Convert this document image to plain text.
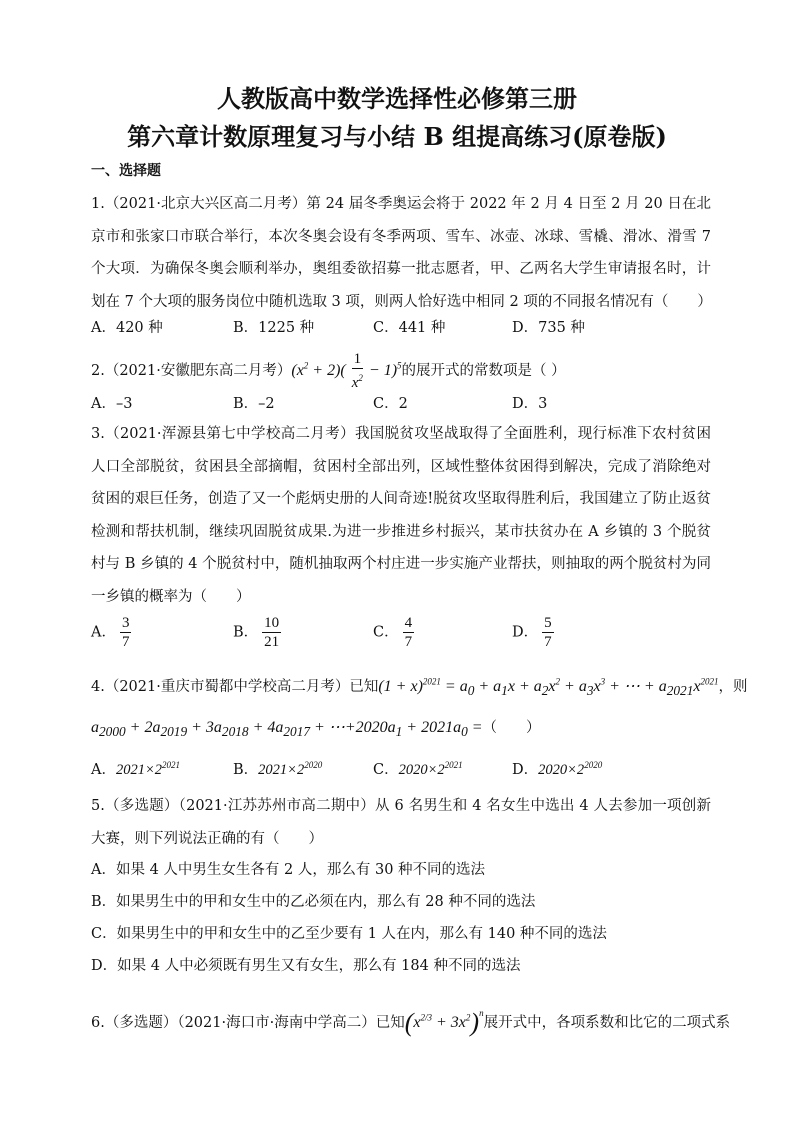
人教版高中数学选择性必修第三册
第六章计数原理复习与小结 B 组提高练习(原卷版)
一、选择题
1.（2021·北京大兴区高二月考）第 24 届冬季奥运会将于 2022 年 2 月 4 日至 2 月 20 日在北京市和张家口市联合举行，本次冬奥会设有冬季两项、雪车、冰壶、冰球、雪橇、滑冰、滑雪 7 个大项．为确保冬奥会顺利举办，奥组委欲招募一批志愿者，甲、乙两名大学生审请报名时，计划在 7 个大项的服务岗位中随机选取 3 项，则两人恰好选中相同 2 项的不同报名情况有（　　）
A．420 种	B．1225 种	C．441 种	D．735 种
2.（2021·安徽肥东高二月考）$(x^2 + 2)( \frac{1}{x^2} - 1)^5$的展开式的常数项是（ ）
A．–3	B．–2	C．2	D．3
3.（2021·浑源县第七中学校高二月考）我国脱贫攻坚战取得了全面胜利，现行标准下农村贫困人口全部脱贫，贫困县全部摘帽，贫困村全部出列，区域性整体贫困得到解决，完成了消除绝对贫困的艰巨任务，创造了又一个彪炳史册的人间奇迹!脱贫攻坚取得胜利后，我国建立了防止返贫检测和帮扶机制，继续巩固脱贫成果.为进一步推进乡村振兴，某市扶贫办在 A 乡镇的 3 个脱贫村与 B 乡镇的 4 个脱贫村中，随机抽取两个村庄进一步实施产业帮扶，则抽取的两个脱贫村为同一乡镇的概率为（　　）
A． $\frac{3}{7}$	B． $\frac{10}{21}$	C． $\frac{4}{7}$	D． $\frac{5}{7}$
4.（2021·重庆市蜀都中学校高二月考）已知$(1 + x)^{2021} = a_0 + a_1x + a_2x^2 + a_3x^3$ + ⋯ + $a_{2021}x^{2021}$，则
$a_{2000} + 2a_{2019} + 3a_{2018} + 4a_{2017}$ + $\cdots+2020a_1 + 2021a_0$ =（　　）
A．$2021\times 2^{2021}$	B．$2021\times 2^{2020}$	C．$2020\times 2^{2021}$	D．$2020\times 2^{2020}$
5.（多选题）（2021·江苏苏州市高二期中）从 6 名男生和 4 名女生中选出 4 人去参加一项创新大赛，则下列说法正确的有（　　）
A．如果 4 人中男生女生各有 2 人，那么有 30 种不同的选法
B．如果男生中的甲和女生中的乙必须在内，那么有 28 种不同的选法
C．如果男生中的甲和女生中的乙至少要有 1 人在内，那么有 140 种不同的选法
D．如果 4 人中必须既有男生又有女生，那么有 184 种不同的选法
6.（多选题）（2021·海口市·海南中学高二）已知$(x^{2/3} + 3x^2)^n$展开式中，各项系数和比它的二项式系
